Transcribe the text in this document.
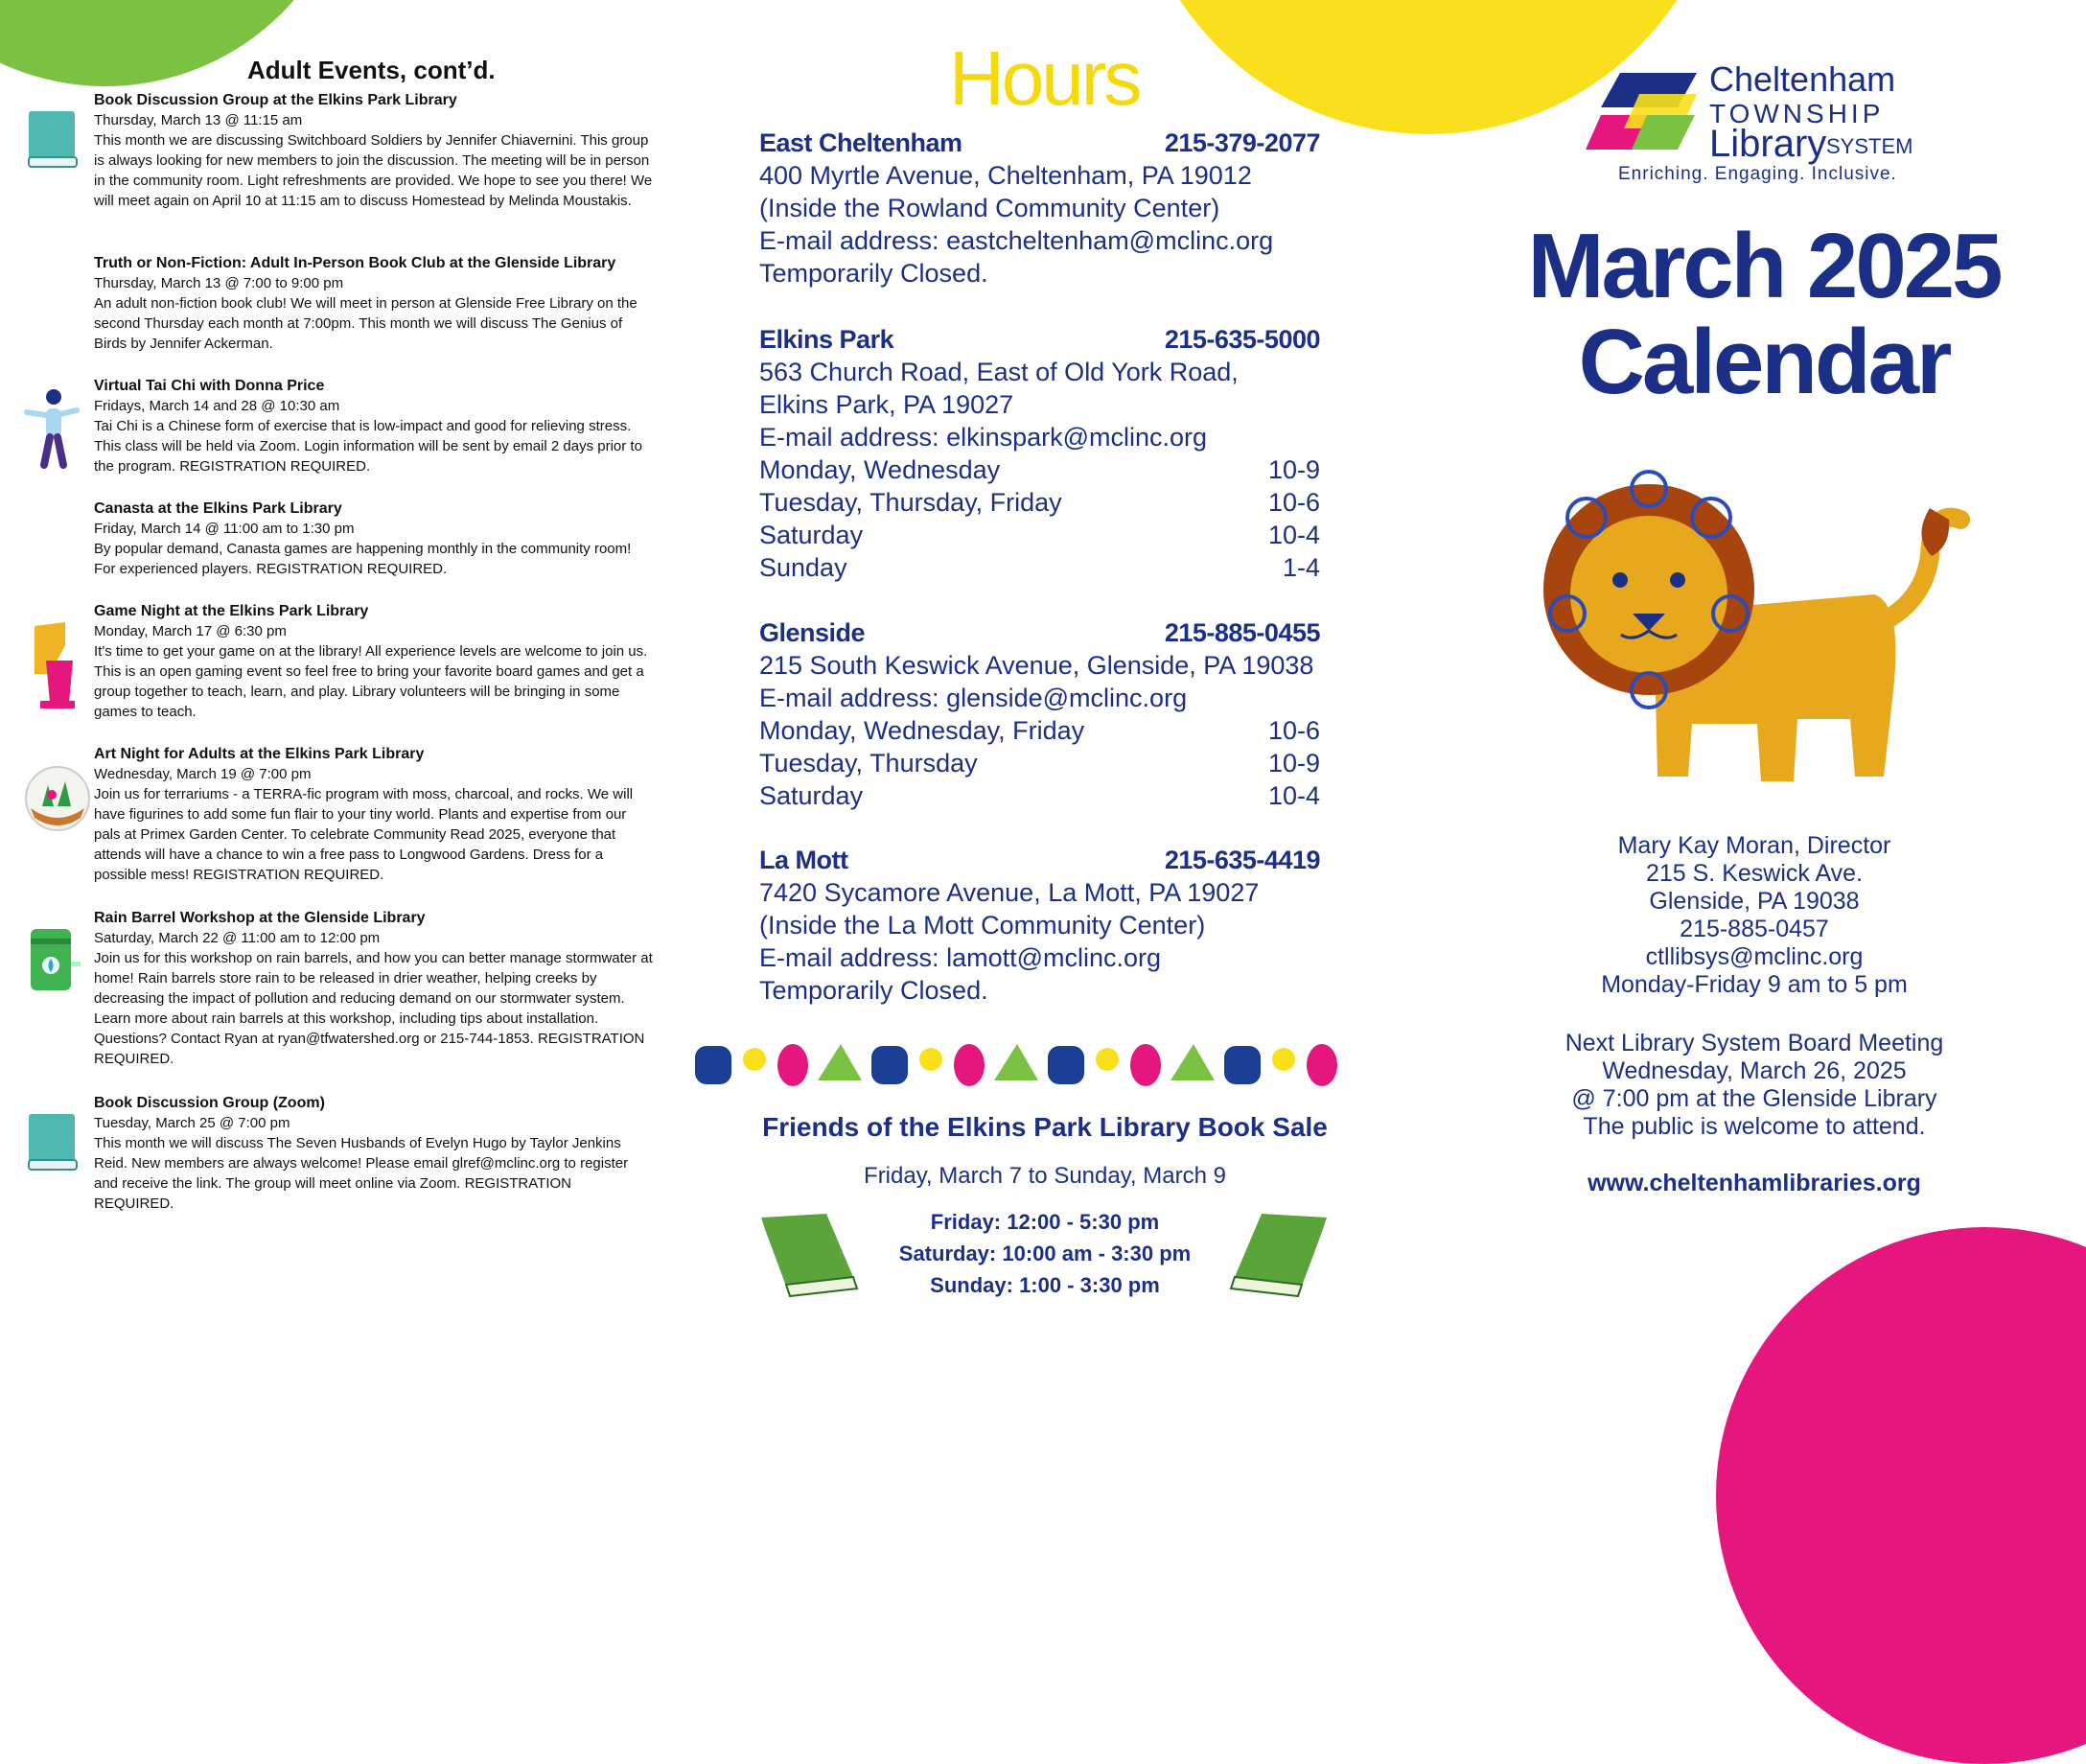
Adult Events, cont’d.
Book Discussion Group at the Elkins Park Library
Thursday, March 13 @ 11:15 am
This month we are discussing Switchboard Soldiers by Jennifer Chiavernini. This group is always looking for new members to join the discussion. The meeting will be in person in the community room. Light refreshments are provided. We hope to see you there! We will meet again on April 10 at 11:15 am to discuss Homestead by Melinda Moustakis.
Truth or Non-Fiction: Adult In-Person Book Club at the Glenside Library
Thursday, March 13 @ 7:00 to 9:00 pm
An adult non-fiction book club! We will meet in person at Glenside Free Library on the second Thursday each month at 7:00pm. This month we will discuss The Genius of Birds by Jennifer Ackerman.
Virtual Tai Chi with Donna Price
Fridays, March 14 and 28 @ 10:30 am
Tai Chi is a Chinese form of exercise that is low-impact and good for relieving stress. This class will be held via Zoom. Login information will be sent by email 2 days prior to the program. REGISTRATION REQUIRED.
Canasta at the Elkins Park Library
Friday, March 14 @ 11:00 am to 1:30 pm
By popular demand, Canasta games are happening monthly in the community room! For experienced players. REGISTRATION REQUIRED.
Game Night at the Elkins Park Library
Monday, March 17 @ 6:30 pm
It's time to get your game on at the library! All experience levels are welcome to join us. This is an open gaming event so feel free to bring your favorite board games and get a group together to teach, learn, and play. Library volunteers will be bringing in some games to teach.
Art Night for Adults at the Elkins Park Library
Wednesday, March 19 @ 7:00 pm
Join us for terrariums - a TERRA-fic program with moss, charcoal, and rocks. We will have figurines to add some fun flair to your tiny world. Plants and expertise from our pals at Primex Garden Center. To celebrate Community Read 2025, everyone that attends will have a chance to win a free pass to Longwood Gardens. Dress for a possible mess! REGISTRATION REQUIRED.
Rain Barrel Workshop at the Glenside Library
Saturday, March 22 @ 11:00 am to 12:00 pm
Join us for this workshop on rain barrels, and how you can better manage stormwater at home! Rain barrels store rain to be released in drier weather, helping creeks by decreasing the impact of pollution and reducing demand on our stormwater system. Learn more about rain barrels at this workshop, including tips about installation. Questions? Contact Ryan at ryan@tfwatershed.org or 215-744-1853. REGISTRATION REQUIRED.
Book Discussion Group (Zoom)
Tuesday, March 25 @ 7:00 pm
This month we will discuss The Seven Husbands of Evelyn Hugo by Taylor Jenkins Reid. New members are always welcome! Please email glref@mclinc.org to register and receive the link. The group will meet online via Zoom. REGISTRATION REQUIRED.
Hours
East Cheltenham	215-379-2077
400 Myrtle Avenue, Cheltenham, PA 19012
(Inside the Rowland Community Center)
E-mail address: eastcheltenham@mclinc.org
Temporarily Closed.
Elkins Park	215-635-5000
563 Church Road, East of Old York Road,
Elkins Park, PA 19027
E-mail address: elkinspark@mclinc.org
Monday, Wednesday	10-9
Tuesday, Thursday, Friday	10-6
Saturday	10-4
Sunday	1-4
Glenside	215-885-0455
215 South Keswick Avenue, Glenside, PA 19038
E-mail address: glenside@mclinc.org
Monday, Wednesday, Friday	10-6
Tuesday, Thursday	10-9
Saturday	10-4
La Mott	215-635-4419
7420 Sycamore Avenue, La Mott, PA 19027
(Inside the La Mott Community Center)
E-mail address: lamott@mclinc.org
Temporarily Closed.
Friends of the Elkins Park Library Book Sale
Friday, March 7 to Sunday, March 9
Friday: 12:00 - 5:30 pm
Saturday: 10:00 am - 3:30 pm
Sunday: 1:00 - 3:30 pm
Cheltenham
TOWNSHIP
Library SYSTEM
Enriching. Engaging. Inclusive.
March 2025
Calendar
Mary Kay Moran, Director
215 S. Keswick Ave.
Glenside, PA 19038
215-885-0457
ctllibsys@mclinc.org
Monday-Friday 9 am to 5 pm
Next Library System Board Meeting
Wednesday, March 26, 2025
@ 7:00 pm at the Glenside Library
The public is welcome to attend.
www.cheltenhamlibraries.org
